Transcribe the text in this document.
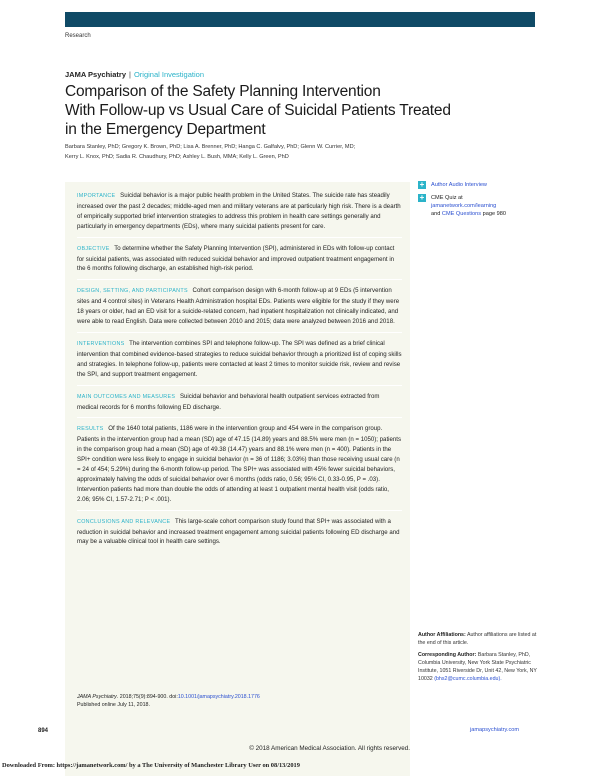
Research
JAMA Psychiatry | Original Investigation
Comparison of the Safety Planning Intervention
With Follow-up vs Usual Care of Suicidal Patients Treated
in the Emergency Department
Barbara Stanley, PhD; Gregory K. Brown, PhD; Lisa A. Brenner, PhD; Hanga C. Galfalvy, PhD; Glenn W. Currier, MD;
Kerry L. Knox, PhD; Sadia R. Chaudhury, PhD; Ashley L. Bush, MMA; Kelly L. Green, PhD
IMPORTANCE Suicidal behavior is a major public health problem in the United States. The suicide rate has steadily increased over the past 2 decades; middle-aged men and military veterans are at particularly high risk. There is a dearth of empirically supported brief intervention strategies to address this problem in health care settings generally and particularly in emergency departments (EDs), where many suicidal patients present for care.
OBJECTIVE To determine whether the Safety Planning Intervention (SPI), administered in EDs with follow-up contact for suicidal patients, was associated with reduced suicidal behavior and improved outpatient treatment engagement in the 6 months following discharge, an established high-risk period.
DESIGN, SETTING, AND PARTICIPANTS Cohort comparison design with 6-month follow-up at 9 EDs (5 intervention sites and 4 control sites) in Veterans Health Administration hospital EDs. Patients were eligible for the study if they were 18 years or older, had an ED visit for a suicide-related concern, had inpatient hospitalization not clinically indicated, and were able to read English. Data were collected between 2010 and 2015; data were analyzed between 2016 and 2018.
INTERVENTIONS The intervention combines SPI and telephone follow-up. The SPI was defined as a brief clinical intervention that combined evidence-based strategies to reduce suicidal behavior through a prioritized list of coping skills and strategies. In telephone follow-up, patients were contacted at least 2 times to monitor suicide risk, review and revise the SPI, and support treatment engagement.
MAIN OUTCOMES AND MEASURES Suicidal behavior and behavioral health outpatient services extracted from medical records for 6 months following ED discharge.
RESULTS Of the 1640 total patients, 1186 were in the intervention group and 454 were in the comparison group. Patients in the intervention group had a mean (SD) age of 47.15 (14.89) years and 88.5% were men (n = 1050); patients in the comparison group had a mean (SD) age of 49.38 (14.47) years and 88.1% were men (n = 400). Patients in the SPI+ condition were less likely to engage in suicidal behavior (n = 36 of 1186; 3.03%) than those receiving usual care (n = 24 of 454; 5.29%) during the 6-month follow-up period. The SPI+ was associated with 45% fewer suicidal behaviors, approximately halving the odds of suicidal behavior over 6 months (odds ratio, 0.56; 95% CI, 0.33-0.95, P = .03). Intervention patients had more than double the odds of attending at least 1 outpatient mental health visit (odds ratio, 2.06; 95% CI, 1.57-2.71; P < .001).
CONCLUSIONS AND RELEVANCE This large-scale cohort comparison study found that SPI+ was associated with a reduction in suicidal behavior and increased treatment engagement among suicidal patients following ED discharge and may be a valuable clinical tool in health care settings.
JAMA Psychiatry. 2018;75(9):894-900. doi:10.1001/jamapsychiatry.2018.1776
Published online July 11, 2018.
+ Author Audio Interview
+ CME Quiz at
jamanetwork.com/learning
and CME Questions page 980

Author Affiliations: Author affiliations are listed at the end of this article.

Corresponding Author: Barbara Stanley, PhD, Columbia University, New York State Psychiatric Institute, 1051 Riverside Dr, Unit 42, New York, NY 10032 (bhs2@cumc.columbia.edu).

894	jamapsychiatry.com
© 2018 American Medical Association. All rights reserved.
Downloaded From: https://jamanetwork.com/ by a The University of Manchester Library User on 08/13/2019
